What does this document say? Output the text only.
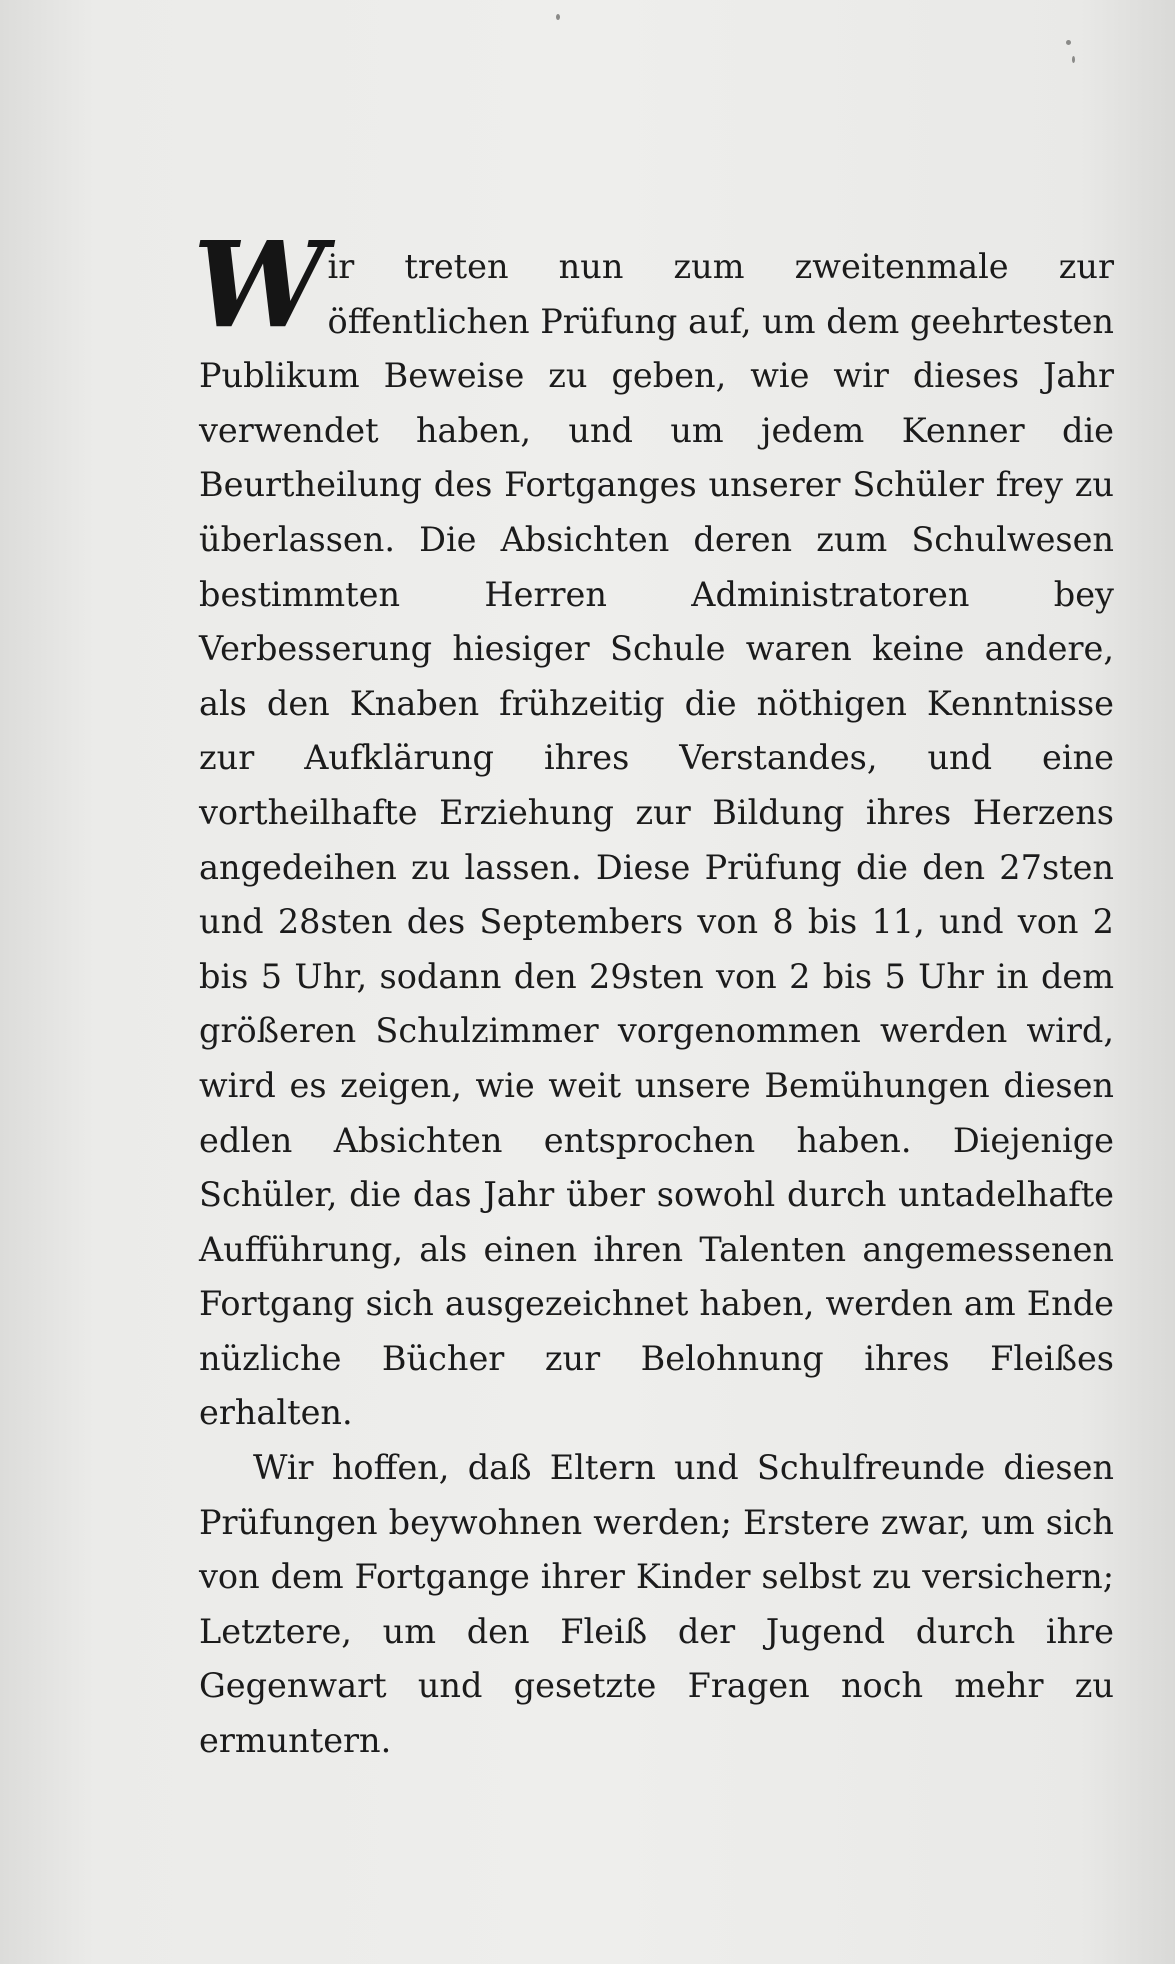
Wir treten nun zum zweitenmale zur öffentlichen Prüfung auf, um dem geehrtesten Publikum Beweise zu geben, wie wir dieses Jahr verwendet haben, und um jedem Kenner die Beurtheilung des Fortganges unserer Schüler frey zu überlassen. Die Absichten deren zum Schulwesen bestimmten Herren Administratoren bey Verbesserung hiesiger Schule waren keine andere, als den Knaben frühzeitig die nöthigen Kenntnisse zur Aufklärung ihres Verstandes, und eine vortheilhafte Erziehung zur Bildung ihres Herzens angedeihen zu lassen. Diese Prüfung die den 27sten und 28sten des Septembers von 8 bis 11, und von 2 bis 5 Uhr, sodann den 29sten von 2 bis 5 Uhr in dem größeren Schulzimmer vorgenommen werden wird, wird es zeigen, wie weit unsere Bemühungen diesen edlen Absichten entsprochen haben. Diejenige Schüler, die das Jahr über sowohl durch untadelhafte Aufführung, als einen ihren Talenten angemessenen Fortgang sich ausgezeichnet haben, werden am Ende nüzliche Bücher zur Belohnung ihres Fleißes erhalten.

Wir hoffen, daß Eltern und Schulfreunde diesen Prüfungen beywohnen werden; Erstere zwar, um sich von dem Fortgange ihrer Kinder selbst zu versichern; Letztere, um den Fleiß der Jugend durch ihre Gegenwart und gesetzte Fragen noch mehr zu ermuntern.
